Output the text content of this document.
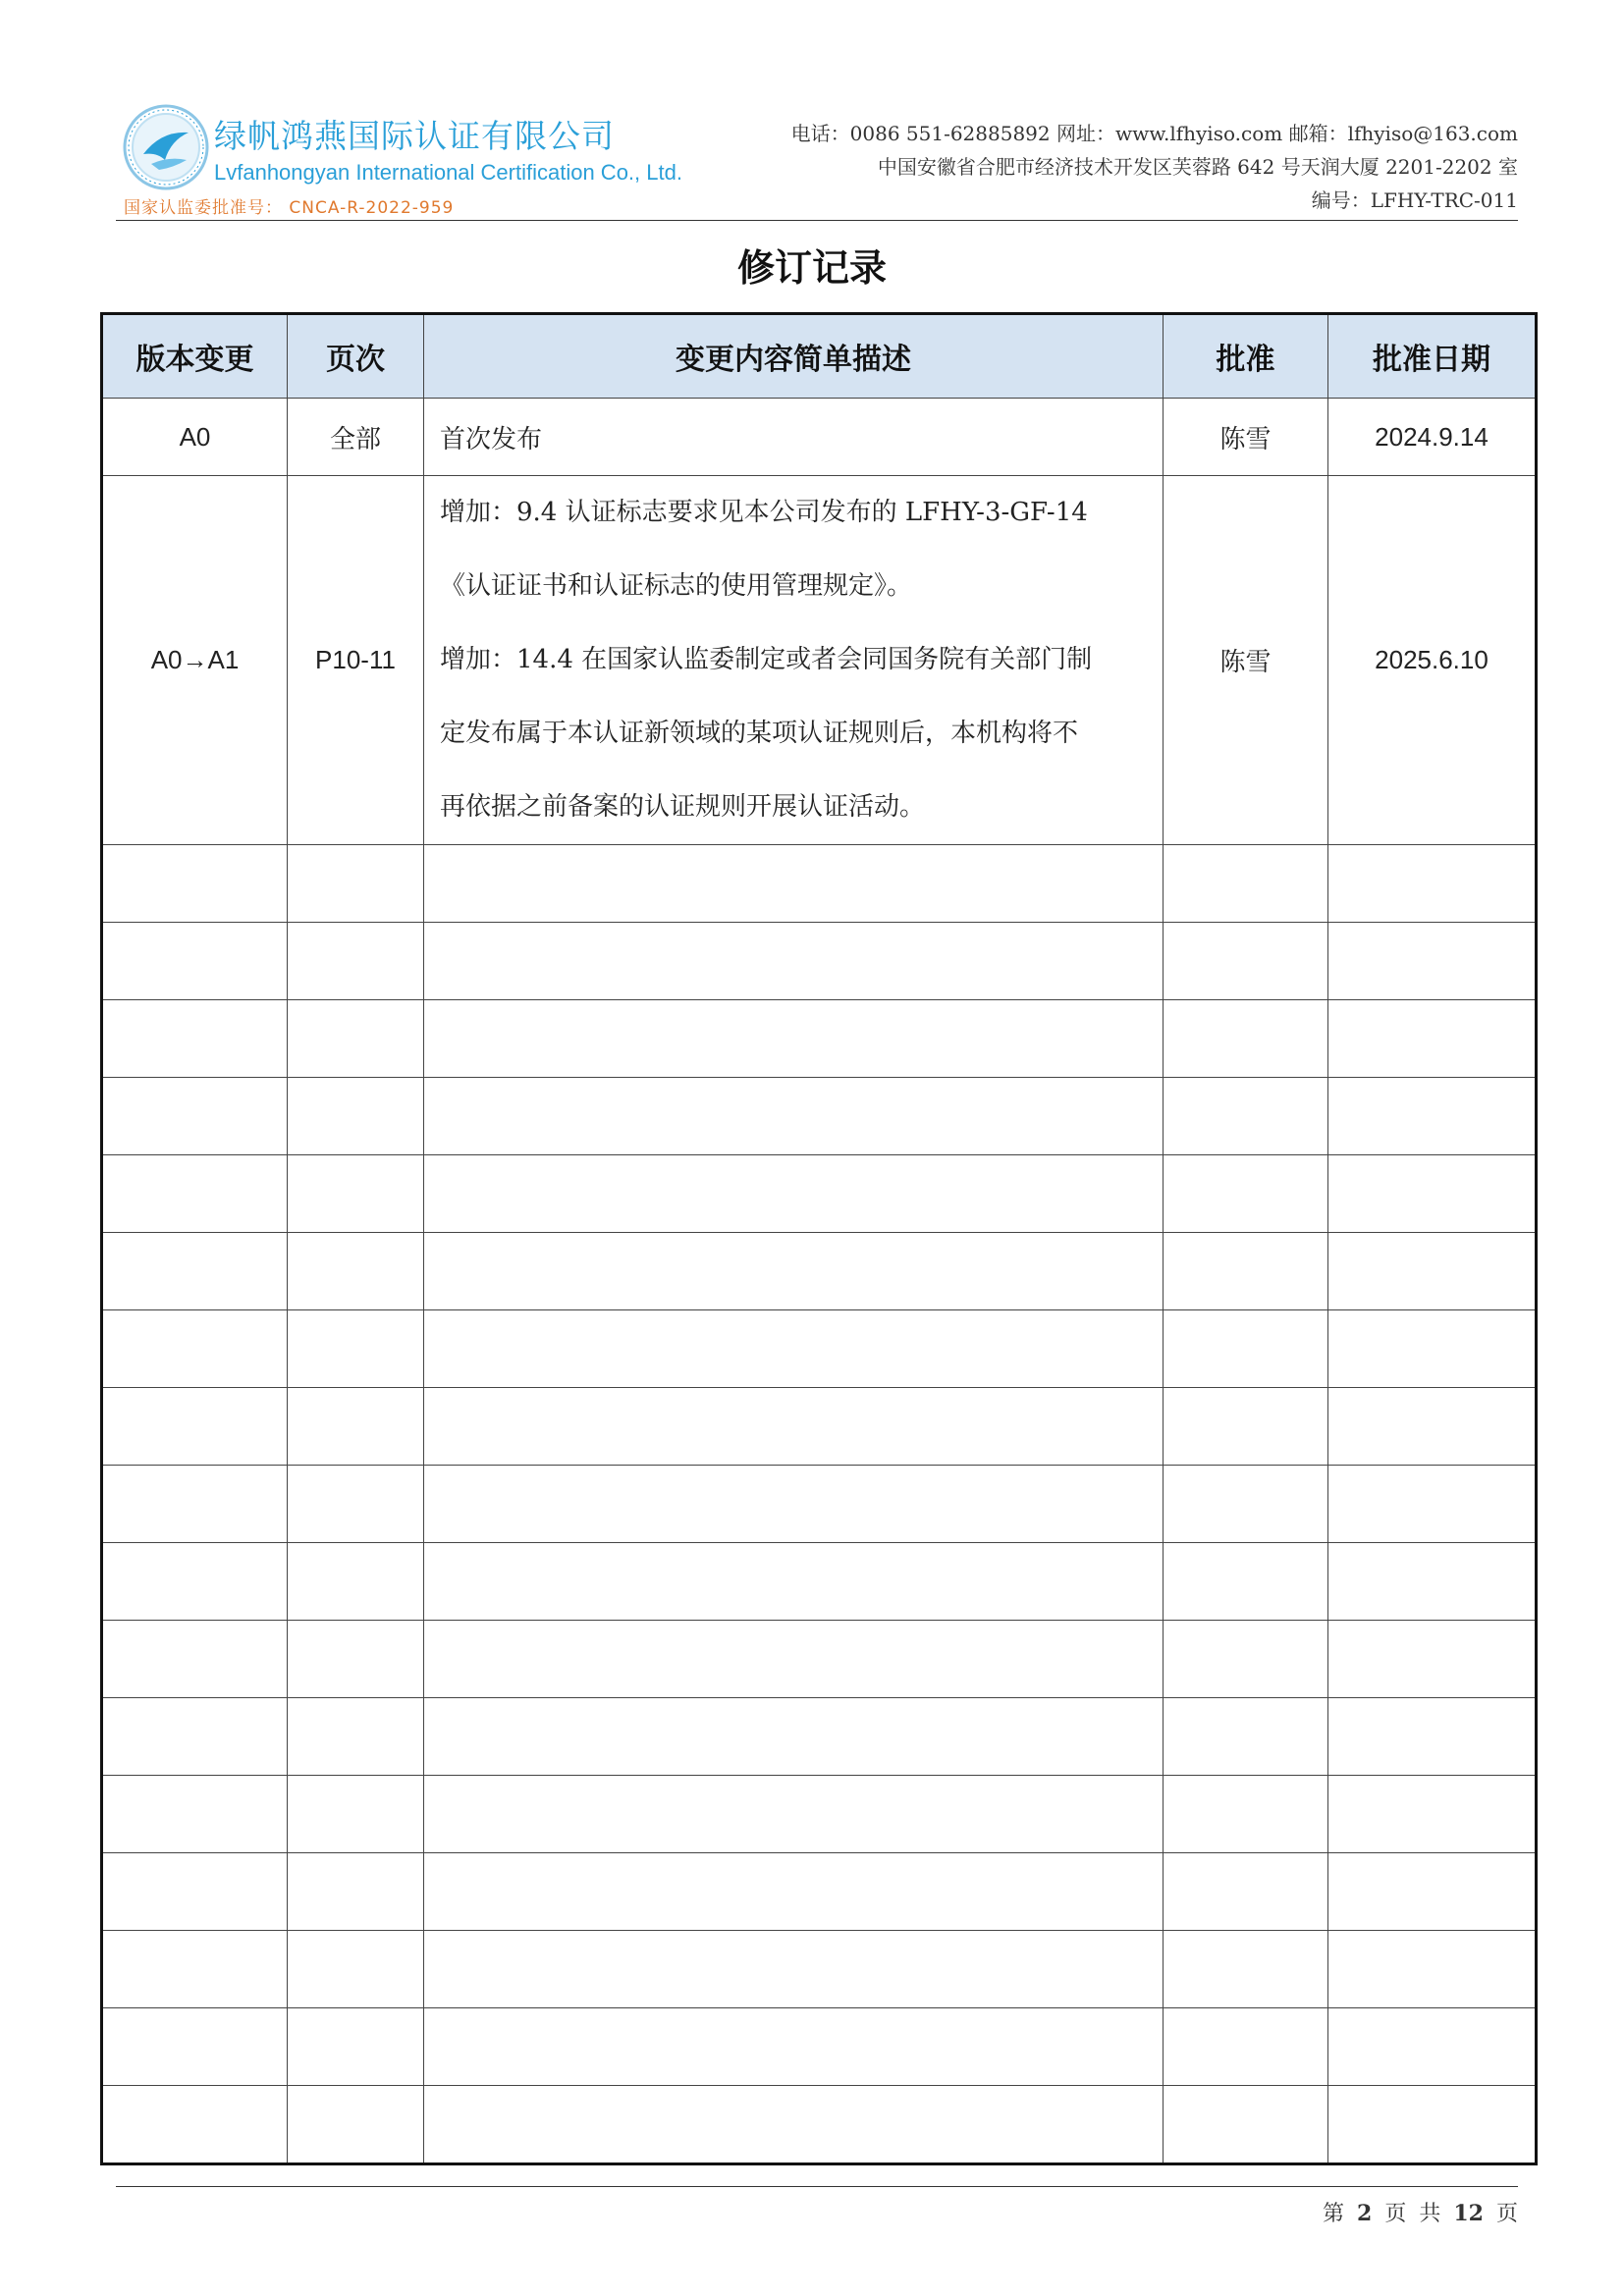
绿帆鸿燕国际认证有限公司
Lvfanhongyan International Certification Co., Ltd.
国家认监委批准号： CNCA-R-2022-959
电话：0086 551-62885892 网址：www.lfhyiso.com 邮箱：lfhyiso@163.com
中国安徽省合肥市经济技术开发区芙蓉路 642 号天润大厦 2201-2202 室
编号：LFHY-TRC-011
修订记录
版本变更	页次	变更内容简单描述	批准	批准日期
A0	全部	首次发布	陈雪	2024.9.14
A0→A1	P10-11	增加：9.4 认证标志要求见本公司发布的 LFHY-3-GF-14

《认证证书和认证标志的使用管理规定》。

增加：14.4 在国家认监委制定或者会同国务院有关部门制

定发布属于本认证新领域的某项认证规则后，本机构将不

再依据之前备案的认证规则开展认证活动。	陈雪	2025.6.10

第 2 页 共 12 页
